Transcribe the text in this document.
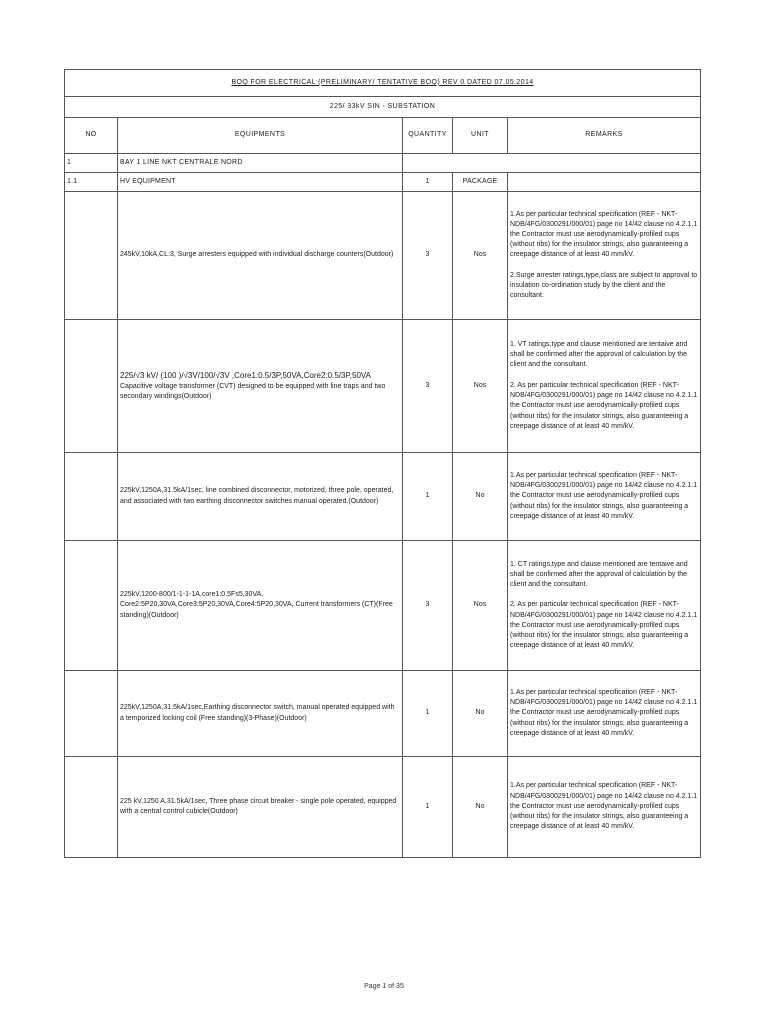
BOQ FOR ELECTRICAL (PRELIMINARY/ TENTATIVE BOQ) REV 0 DATED 07.05.2014				
225/ 33kV SIN - SUBSTATION				
NO	EQUIPMENTS	QUANTITY	UNIT	REMARKS
1	BAY 1 LINE NKT CENTRALE NORD			
1.1	HV EQUIPMENT	1	PACKAGE	
	245kV,10kA,CL:3, Surge arresters equipped with individual discharge counters(Outdoor)	3	Nos	1.As per particular technical specification (REF - NKT-NDB/4FG/0300291/000/01) page no 14/42 clause no 4.2.1.1 the Contractor must use aerodynamically-profiled cups (without ribs) for the insulator strings, also guaranteeing a creepage distance of at least 40 mm/kV.

2.Surge arrester ratings,type,class are subject to approval to insulation co-ordination study by the client and the consultant.

	225/√3 kV/ (100 )/√3V/100/√3V ,Core1:0.5/3P,50VA,Core2:0.5/3P,50VA
Capacitive voltage transformer (CVT) designed to be equipped with line traps and two secondary windings(Outdoor)	3	Nos	1. VT ratings,type and clause mentioned are tentaive and shall be confirmed after the approval of calculation by the client and the consultant.

2. As per particular technical specification (REF - NKT-NDB/4FG/0300291/000/01) page no 14/42 clause no 4.2.1.1 the Contractor must use aerodynamically-profiled cups (without ribs) for the insulator strings, also guaranteeing a creepage distance of at least 40 mm/kV.
	225kV,1250A,31.5kA/1sec, line combined disconnector, motorized, three pole, operated, and associated with two earthing disconnector switches manual operated.(Outdoor)	1	No	1.As per particular technical specification (REF - NKT-NDB/4FG/0300291/000/01) page no 14/42 clause no 4.2.1.1 the Contractor must use aerodynamically-profiled cups (without ribs) for the insulator strings, also guaranteeing a creepage distance of at least 40 mm/kV.
	225kV,1200-800/1-1-1-1A,core1:0.5Fs5,30VA, Core2:5P20,30VA,Core3:5P20,30VA,Core4:5P20,30VA, Current transformers (CT)(Free standing)(Outdoor)	3	Nos	1. CT ratings,type and clause mentioned are tentaive and shall be confirmed after the approval of calculation by the client and the consultant.

2. As per particular technical specification (REF - NKT-NDB/4FG/0300291/000/01) page no 14/42 clause no 4.2.1.1 the Contractor must use aerodynamically-profiled cups (without ribs) for the insulator strings, also guaranteeing a creepage distance of at least 40 mm/kV.
	225kV,1250A,31.5kA/1sec,Earthing disconnector switch, manual operated equipped with a temporized locking coil (Free standing)(3-Phase)(Outdoor)	1	No	1.As per particular technical specification (REF - NKT-NDB/4FG/0300291/000/01) page no 14/42 clause no 4.2.1.1 the Contractor must use aerodynamically-profiled cups (without ribs) for the insulator strings, also guaranteeing a creepage distance of at least 40 mm/kV.
	225 kV,1250 A,31.5kA/1sec, Three phase circuit breaker - single pole operated, equipped with a central control cubicle(Outdoor)	1	No	1.As per particular technical specification (REF - NKT-NDB/4FG/0300291/000/01) page no 14/42 clause no 4.2.1.1 the Contractor must use aerodynamically-profiled cups (without ribs) for the insulator strings, also guaranteeing a creepage distance of at least 40 mm/kV.
Page 1 of 35
